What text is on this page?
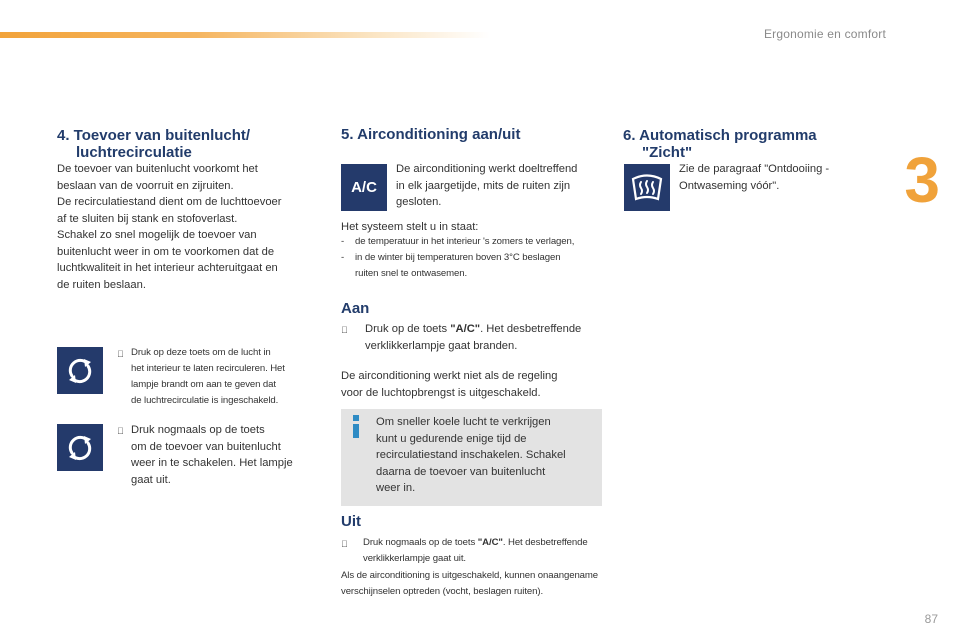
Ergonomie en comfort
3
87
4. Toevoer van buitenlucht/
luchtrecirculatie
De toevoer van buitenlucht voorkomt het
beslaan van de voorruit en zijruiten.
De recirculatiestand dient om de luchttoevoer
af te sluiten bij stank en stofoverlast.
Schakel zo snel mogelijk de toevoer van
buitenlucht weer in om te voorkomen dat de
luchtkwaliteit in het interieur achteruitgaat en
de ruiten beslaan.
Druk op deze toets om de lucht in
het interieur te laten recirculeren. Het
lampje brandt om aan te geven dat
de luchtrecirculatie is ingeschakeld.
Druk nogmaals op de toets
om de toevoer van buitenlucht
weer in te schakelen. Het lampje
gaat uit.
5. Airconditioning aan/uit
A/C
De airconditioning werkt doeltreffend
in elk jaargetijde, mits de ruiten zijn
gesloten.
Het systeem stelt u in staat:
-	de temperatuur in het interieur 's zomers te verlagen,
-	in de winter bij temperaturen boven 3°C beslagen
ruiten snel te ontwasemen.
Aan
Druk op de toets "A/C". Het desbetreffende
verklikkerlampje gaat branden.
De airconditioning werkt niet als de regeling
voor de luchtopbrengst is uitgeschakeld.
Om sneller koele lucht te verkrijgen
kunt u gedurende enige tijd de
recirculatiestand inschakelen. Schakel
daarna de toevoer van buitenlucht
weer in.
Uit
Druk nogmaals op de toets "A/C". Het desbetreffende
verklikkerlampje gaat uit.
Als de airconditioning is uitgeschakeld, kunnen onaangename
verschijnselen optreden (vocht, beslagen ruiten).
6. Automatisch programma
"Zicht"
Zie de paragraaf "Ontdooiing -
Ontwaseming vóór".
